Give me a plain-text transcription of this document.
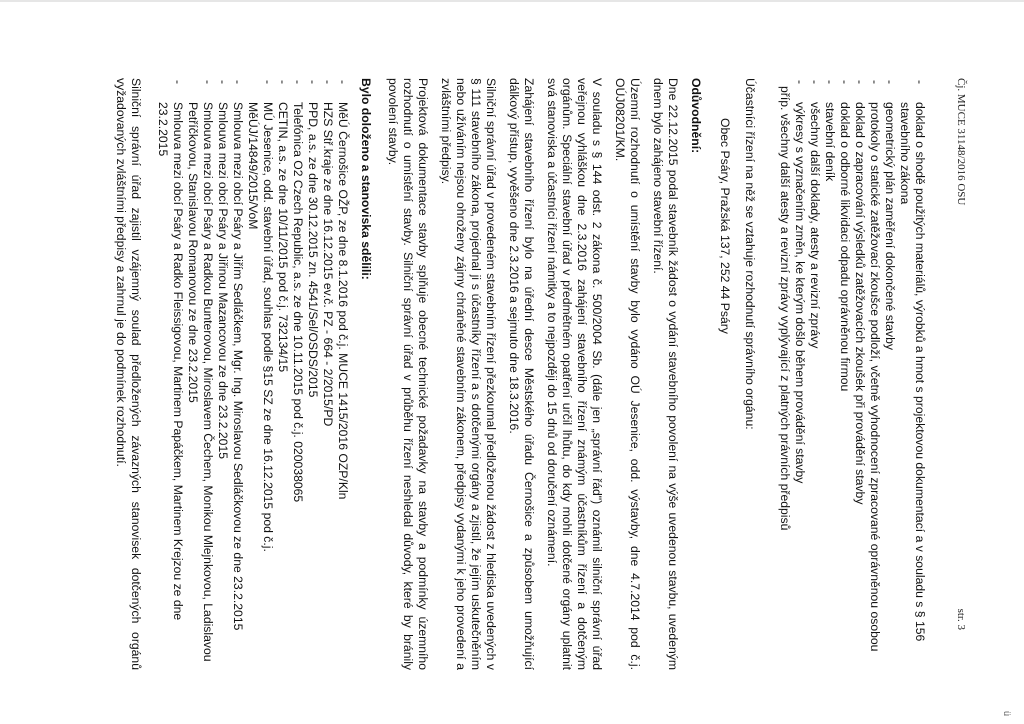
ü
Čj. MUCE 31148/2016 OSU
str. 3
- doklad o shodě použitých materiálů, výrobků a hmot s projektovou dokumentací a v souladu s § 156 stavebního zákona
- geometrický plán zaměření dokončené stavby
- protokoly o statické zatěžovací zkoušce podloží, včetně vyhodnocení zpracované oprávněnou osobou
- doklad o zapracování výsledků zatěžovacích zkoušek při provádění stavby
- doklad o odborné likvidaci odpadu oprávněnou firmou
- stavební deník
- všechny další doklady, atesty a revizní zprávy
- výkresy s vyznačením změn, ke kterým došlo během provádění stavby

příp. všechny další atesty a revizní zprávy vyplývající z platných právních předpisů

Účastníci řízení na něž se vztahuje rozhodnutí správního orgánu:

Obec Psáry, Pražská 137, 252 44 Psáry

Odůvodnění:

Dne 22.12.2015 podal stavebník žádost o vydání stavebního povolení na výše uvedenou stavbu, uvedeným dnem bylo zahájeno stavební řízení.

Územní rozhodnutí o umístění stavby bylo vydáno OÚ Jesenice, odd. výstavby, dne 4.7.2014 pod č.j. OÚJ08201/KM.

V souladu s § 144 odst. 2 zákona č. 500/2004 Sb. (dále jen „správní řád") oznámil silniční správní úřad veřejnou vyhláškou dne 2.3.2016 zahájení stavebního řízení známým účastníkům řízení a dotčeným orgánům. Speciální stavební úřad v předmětném opatření určil lhůtu, do kdy mohli dotčené orgány uplatnit svá stanoviska a účastníci řízení námitky a to nejpozději do 15 dnů od doručení oznámení.

Zahájení stavebního řízení bylo na úřední desce Městského úřadu Černošice a způsobem umožňující dálkový přístup, vyvěšeno dne 2.3.2016 a sejmuto dne 18.3.2016.

Silniční správní úřad v provedeném stavebním řízení přezkoumal předloženou žádost z hlediska uvedených v § 111 stavebního zákona, projednal ji s účastníky řízení a s dotčenými orgány a zjistil, že jejím uskutečněním nebo užíváním nejsou ohroženy zájmy chráněné stavebním zákonem, předpisy vydanými k jeho provedení a zvláštními předpisy.

Projektová dokumentace stavby splňuje obecné technické požadavky na stavby a podmínky územního rozhodnutí o umístění stavby. Silniční správní úřad v průběhu řízení neshledal důvody, které by bránily povolení stavby.

Bylo doloženo a stanoviska sdělili:
- MěÚ Černošice OŽP, ze dne 8.1.2016 pod č.j. MUCE 1415/2016 OZP/Kln
- HZS Stř.kraje ze dne 16.12.2015 ev.č. PZ - 664 - 2/2015/PD
- PPD, a.s. ze dne 30.12.2015 zn. 4541/Sel/OSDS/2015
- Telefónica O2 Czech Republic, a.s. ze dne 10.11.2015 pod č.j. 020038065
- CETIN, a.s. ze dne 10/11/2015 pod č.j. 732134/15
- MÚ Jesenice, odd. stavební úřad, souhlas podle §15 SZ ze dne 16.12.2015 pod č.j. MěÚJ/14849/2015/VoM
- Smlouva mezi obcí Psáry a Jiřím Sedláčkem, Mgr. Ing. Miroslavou Sedláčkovou ze dne 23.2.2015
- Smlouva mezi obcí Psáry a Jiřinou Mazancovou ze dne 23.2.2015
- Smlouva mezi obcí Psáry a Radkou Bunterovou, Miroslavem Čechem, Monikou Mlejnkovou, Ladislavou Petříčkovou, Stanislavou Romanovou ze dne 23.2.2015
- Smlouva mezi obcí Psáry a Radko Fleissigovou, Martinem Papáčkem, Martinem Krejzou ze dne 23.2.2015

Silniční správní úřad zajistil vzájemný soulad předložených závazných stanovisek dotčených orgánů vyžadovaných zvláštními předpisy a zahrnul je do podmínek rozhodnutí.
